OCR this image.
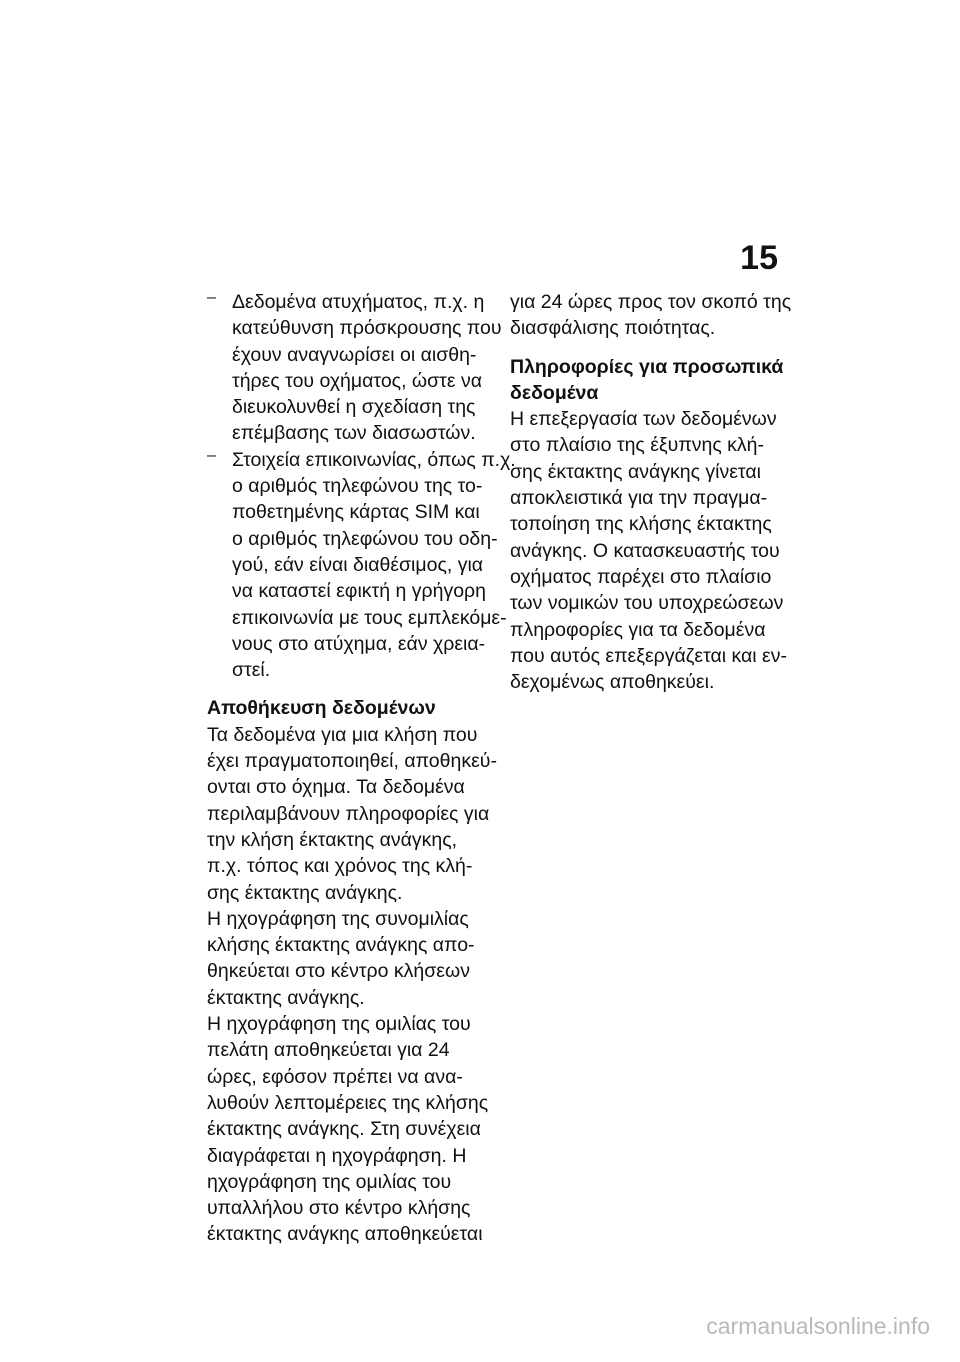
15
– Δεδομένα ατυχήματος, π.χ. η
κατεύθυνση πρόσκρουσης που
έχουν αναγνωρίσει οι αισθη-
τήρες του οχήματος, ώστε να
διευκολυνθεί η σχεδίαση της
επέμβασης των διασωστών.
– Στοιχεία επικοινωνίας, όπως π.χ.
ο αριθμός τηλεφώνου της το-
ποθετημένης κάρτας SIM και
ο αριθμός τηλεφώνου του οδη-
γού, εάν είναι διαθέσιμος, για
να καταστεί εφικτή η γρήγορη
επικοινωνία με τους εμπλεκόμε-
νους στο ατύχημα, εάν χρεια-
στεί.
Αποθήκευση δεδομένων
Τα δεδομένα για μια κλήση που
έχει πραγματοποιηθεί, αποθηκεύ-
ονται στο όχημα. Τα δεδομένα
περιλαμβάνουν πληροφορίες για
την κλήση έκτακτης ανάγκης,
π.χ. τόπος και χρόνος της κλή-
σης έκτακτης ανάγκης.
Η ηχογράφηση της συνομιλίας
κλήσης έκτακτης ανάγκης απο-
θηκεύεται στο κέντρο κλήσεων
έκτακτης ανάγκης.
Η ηχογράφηση της ομιλίας του
πελάτη αποθηκεύεται για 24
ώρες, εφόσον πρέπει να ανα-
λυθούν λεπτομέρειες της κλήσης
έκτακτης ανάγκης. Στη συνέχεια
διαγράφεται η ηχογράφηση. Η
ηχογράφηση της ομιλίας του
υπαλλήλου στο κέντρο κλήσης
έκτακτης ανάγκης αποθηκεύεται
για 24 ώρες προς τον σκοπό της
διασφάλισης ποιότητας.
Πληροφορίες για προσωπικά
δεδομένα
Η επεξεργασία των δεδομένων
στο πλαίσιο της έξυπνης κλή-
σης έκτακτης ανάγκης γίνεται
αποκλειστικά για την πραγμα-
τοποίηση της κλήσης έκτακτης
ανάγκης. Ο κατασκευαστής του
οχήματος παρέχει στο πλαίσιο
των νομικών του υποχρεώσεων
πληροφορίες για τα δεδομένα
που αυτός επεξεργάζεται και εν-
δεχομένως αποθηκεύει.
carmanualsonline.info
